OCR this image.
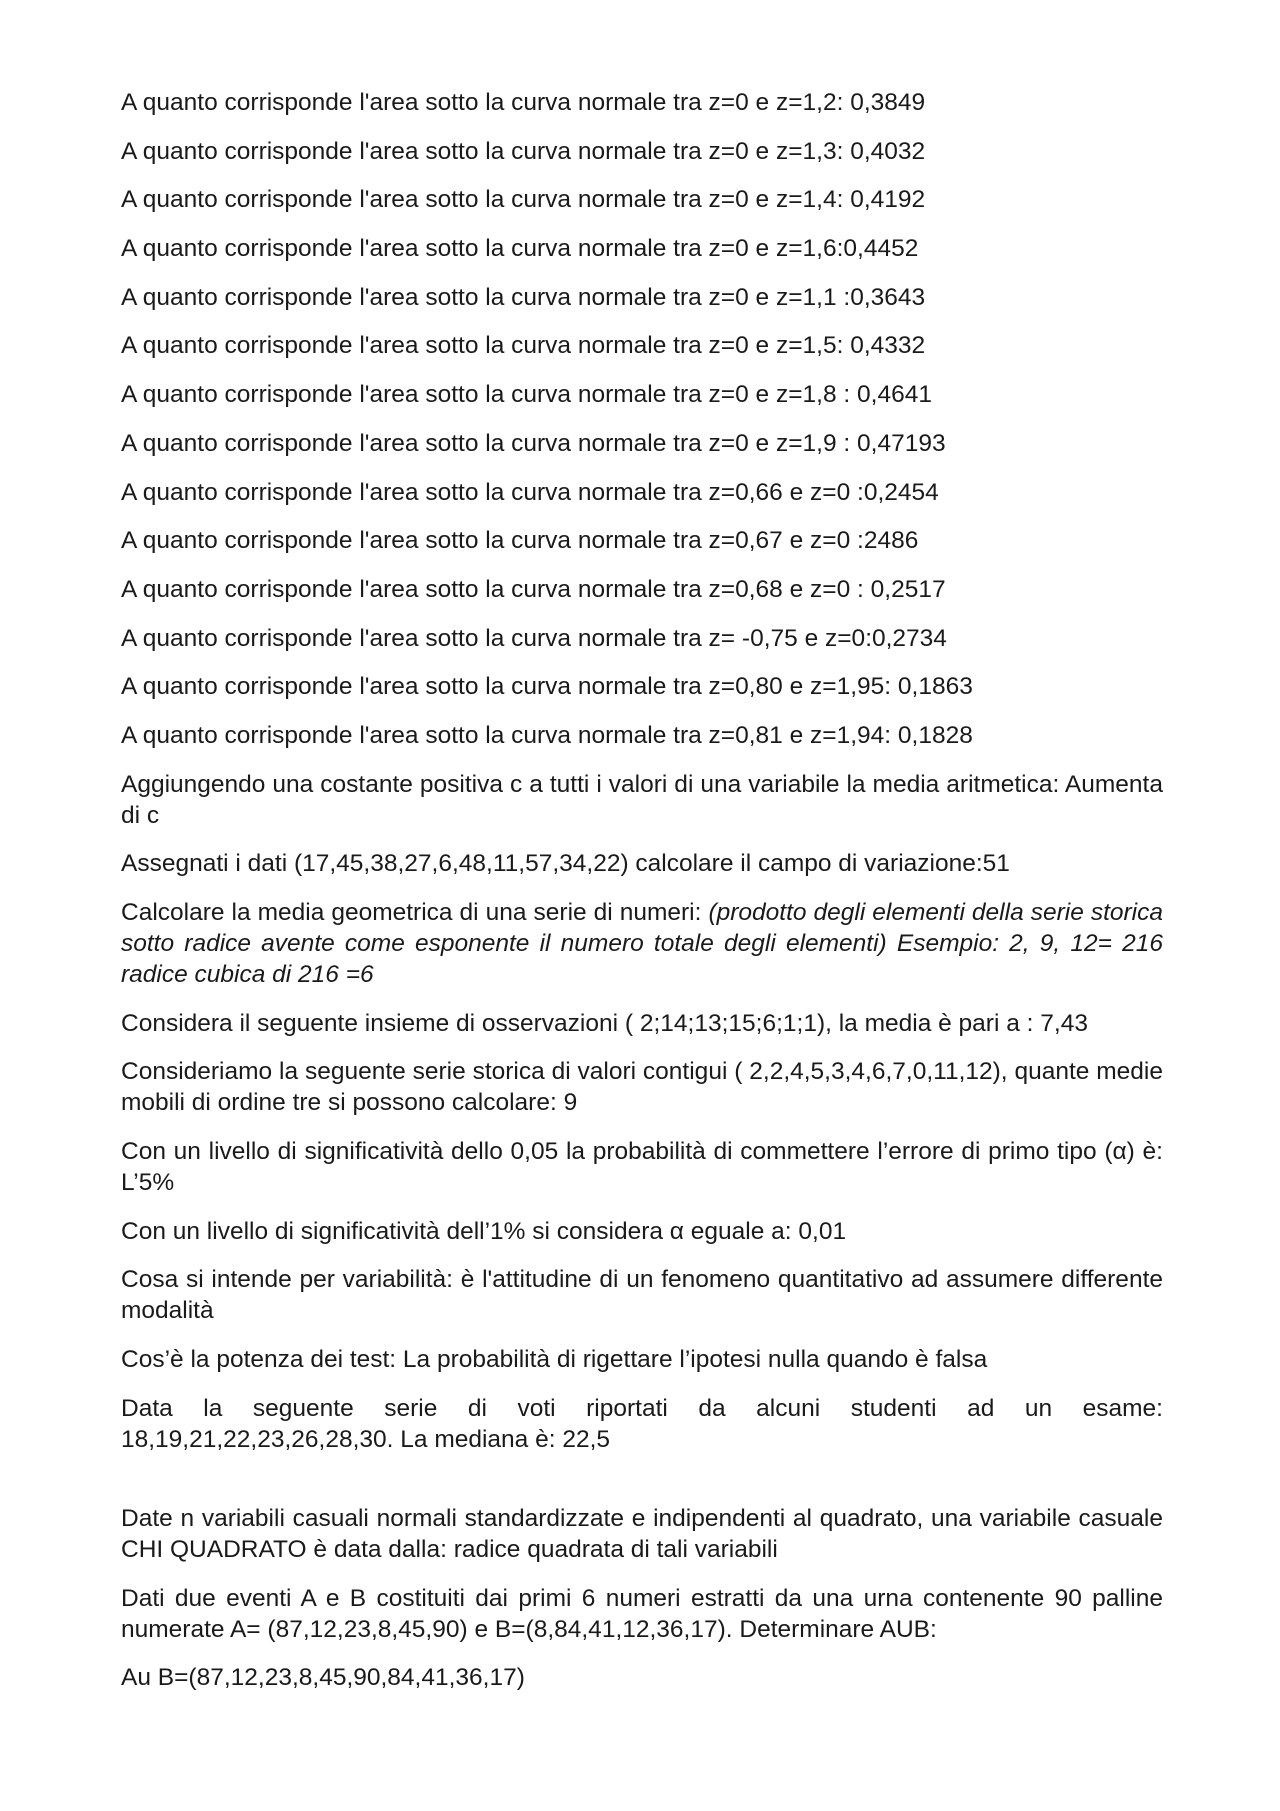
A quanto corrisponde l'area sotto la curva normale tra z=0 e z=1,2: 0,3849
A quanto corrisponde l'area sotto la curva normale tra z=0 e z=1,3: 0,4032
A quanto corrisponde l'area sotto la curva normale tra z=0 e z=1,4: 0,4192
A quanto corrisponde l'area sotto la curva normale tra z=0 e z=1,6:0,4452
A quanto corrisponde l'area sotto la curva normale tra z=0 e z=1,1 :0,3643
A quanto corrisponde l'area sotto la curva normale tra z=0 e z=1,5: 0,4332
A quanto corrisponde l'area sotto la curva normale tra z=0 e z=1,8 : 0,4641
A quanto corrisponde l'area sotto la curva normale tra z=0 e z=1,9 : 0,47193
A quanto corrisponde l'area sotto la curva normale tra z=0,66 e z=0 :0,2454
A quanto corrisponde l'area sotto la curva normale tra z=0,67 e z=0 :2486
A quanto corrisponde l'area sotto la curva normale tra z=0,68 e z=0 : 0,2517
A quanto corrisponde l'area sotto la curva normale tra z= -0,75 e z=0:0,2734
A quanto corrisponde l'area sotto la curva normale tra z=0,80 e z=1,95: 0,1863
A quanto corrisponde l'area sotto la curva normale tra z=0,81 e z=1,94: 0,1828
Aggiungendo una costante positiva c a tutti i valori di una variabile la media aritmetica: Aumenta di c
Assegnati i dati (17,45,38,27,6,48,11,57,34,22) calcolare il campo di variazione:51
Calcolare la media geometrica di una serie di numeri: (prodotto degli elementi della serie storica sotto radice avente come esponente il numero totale degli elementi) Esempio: 2, 9, 12= 216 radice cubica di 216 =6
Considera il seguente insieme di osservazioni ( 2;14;13;15;6;1;1), la media è pari a : 7,43
Consideriamo la seguente serie storica di valori contigui ( 2,2,4,5,3,4,6,7,0,11,12), quante medie mobili di ordine tre si possono calcolare: 9
Con un livello di significatività dello 0,05 la probabilità di commettere l’errore di primo tipo (α) è: L’5%
Con un livello di significatività dell’1% si considera α eguale a: 0,01
Cosa si intende per variabilità: è l'attitudine di un fenomeno quantitativo ad assumere differente modalità
Cos’è la potenza dei test: La probabilità di rigettare l’ipotesi nulla quando è falsa
Data la seguente serie di voti riportati da alcuni studenti ad un esame:
18,19,21,22,23,26,28,30. La mediana è: 22,5
Date n variabili casuali normali standardizzate e indipendenti al quadrato, una variabile casuale CHI QUADRATO è data dalla: radice quadrata di tali variabili
Dati due eventi A e B costituiti dai primi 6 numeri estratti da una urna contenente 90 palline numerate A= (87,12,23,8,45,90) e B=(8,84,41,12,36,17). Determinare AUB:
Au B=(87,12,23,8,45,90,84,41,36,17)
